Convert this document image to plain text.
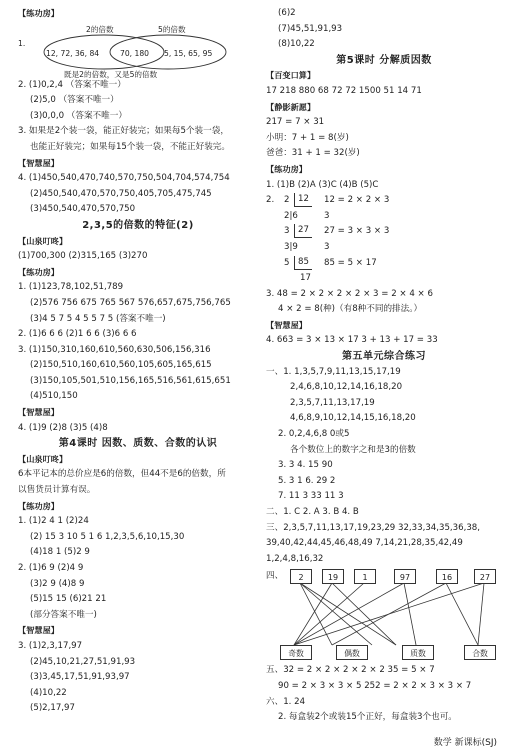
【练功房】
1.
2的倍数	5的倍数
12, 72, 36, 84	70, 180 5, 15, 65, 95
既是2的倍数，又是5的倍数
2. (1)0,2,4 （答案不唯一）
(2)5,0 （答案不唯一）
(3)0,0,0 （答案不唯一）
3. 如果是2个装一袋，能正好装完；如果每5个装一袋，
也能正好装完；如果每15个装一袋，不能正好装完。
【智慧屋】
4. (1)450,540,470,740,570,750,504,704,574,754
(2)450,540,470,570,750,405,705,475,745
(3)450,540,470,570,750
2,3,5的倍数的特征(2)
【山泉叮咚】
(1)700,300 (2)315,165 (3)270
【练功房】
1. (1)123,78,102,51,789
(2)576 756 675 765 567 576,657,675,756,765
(3)4 5 7 5 4 5 5 7 5 (答案不唯一)
2. (1)6 6 6 (2)1 6 6 (3)6 6 6
3. (1)150,310,160,610,560,630,506,156,316
(2)150,510,160,610,560,105,605,165,615
(3)150,105,501,510,156,165,516,561,615,651
(4)510,150
【智慧屋】
4. (1)9 (2)8 (3)5 (4)8
第4课时 因数、质数、合数的认识
【山泉叮咚】
6本平记本的总价应是6的倍数，但44不是6的倍数，所
以售货员计算有误。
【练功房】
1. (1)2 4 1 (2)24
(2) 15 3 10 5 1 6 1,2,3,5,6,10,15,30
(4)18 1 (5)2 9
2. (1)6 9 (2)4 9
(3)2 9 (4)8 9
(5)15 15 (6)21 21
(部分答案不唯一)
【智慧屋】
3. (1)2,3,17,97
(2)45,10,21,27,51,91,93
(3)3,45,17,51,91,93,97
(4)10,22
(5)2,17,97
(6)2
(7)45,51,91,93
(8)10,22
第5课时 分解质因数
【百变口算】
17 218 880 68 72 72 1500 51 14 71
【静影新愿】
217 = 7 × 31
小明：7 + 1 = 8(岁)
爸爸：31 + 1 = 32(岁)
【练功房】
1. (1)B (2)A (3)C (4)B (5)C
2. 2 12	12 = 2 × 2 × 3
2|6	3
3 27	27 = 3 × 3 × 3
3|9	3
5 85	85 = 5 × 17
17
3. 48 = 2 × 2 × 2 × 2 × 3 = 2 × 4 × 6
4 × 2 = 8(种)（有8种不同的排法。）
【智慧屋】
4. 663 = 3 × 13 × 17 3 + 13 + 17 = 33
第五单元综合练习
一、1. 1,3,5,7,9,11,13,15,17,19
2,4,6,8,10,12,14,16,18,20
2,3,5,7,11,13,17,19
4,6,8,9,10,12,14,15,16,18,20
2. 0,2,4,6,8 0或5
各个数位上的数字之和是3的倍数
3. 3 4. 15 90
5. 3 1 6. 29 2
7. 11 3 33 11 3
二、1. C 2. A 3. B 4. B
三、2,3,5,7,11,13,17,19,23,29 32,33,34,35,36,38,
39,40,42,44,45,46,48,49 7,14,21,28,35,42,49
1,2,4,8,16,32
四、	2	19	1	97	16	27
奇数	偶数	质数	合数
五、32 = 2 × 2 × 2 × 2 × 2 35 = 5 × 7
90 = 2 × 3 × 3 × 5 252 = 2 × 2 × 3 × 3 × 7
六、1. 24
2. 每盒装2个或装15个正好，每盒装3个也可。
数学 新课标(SJ)
